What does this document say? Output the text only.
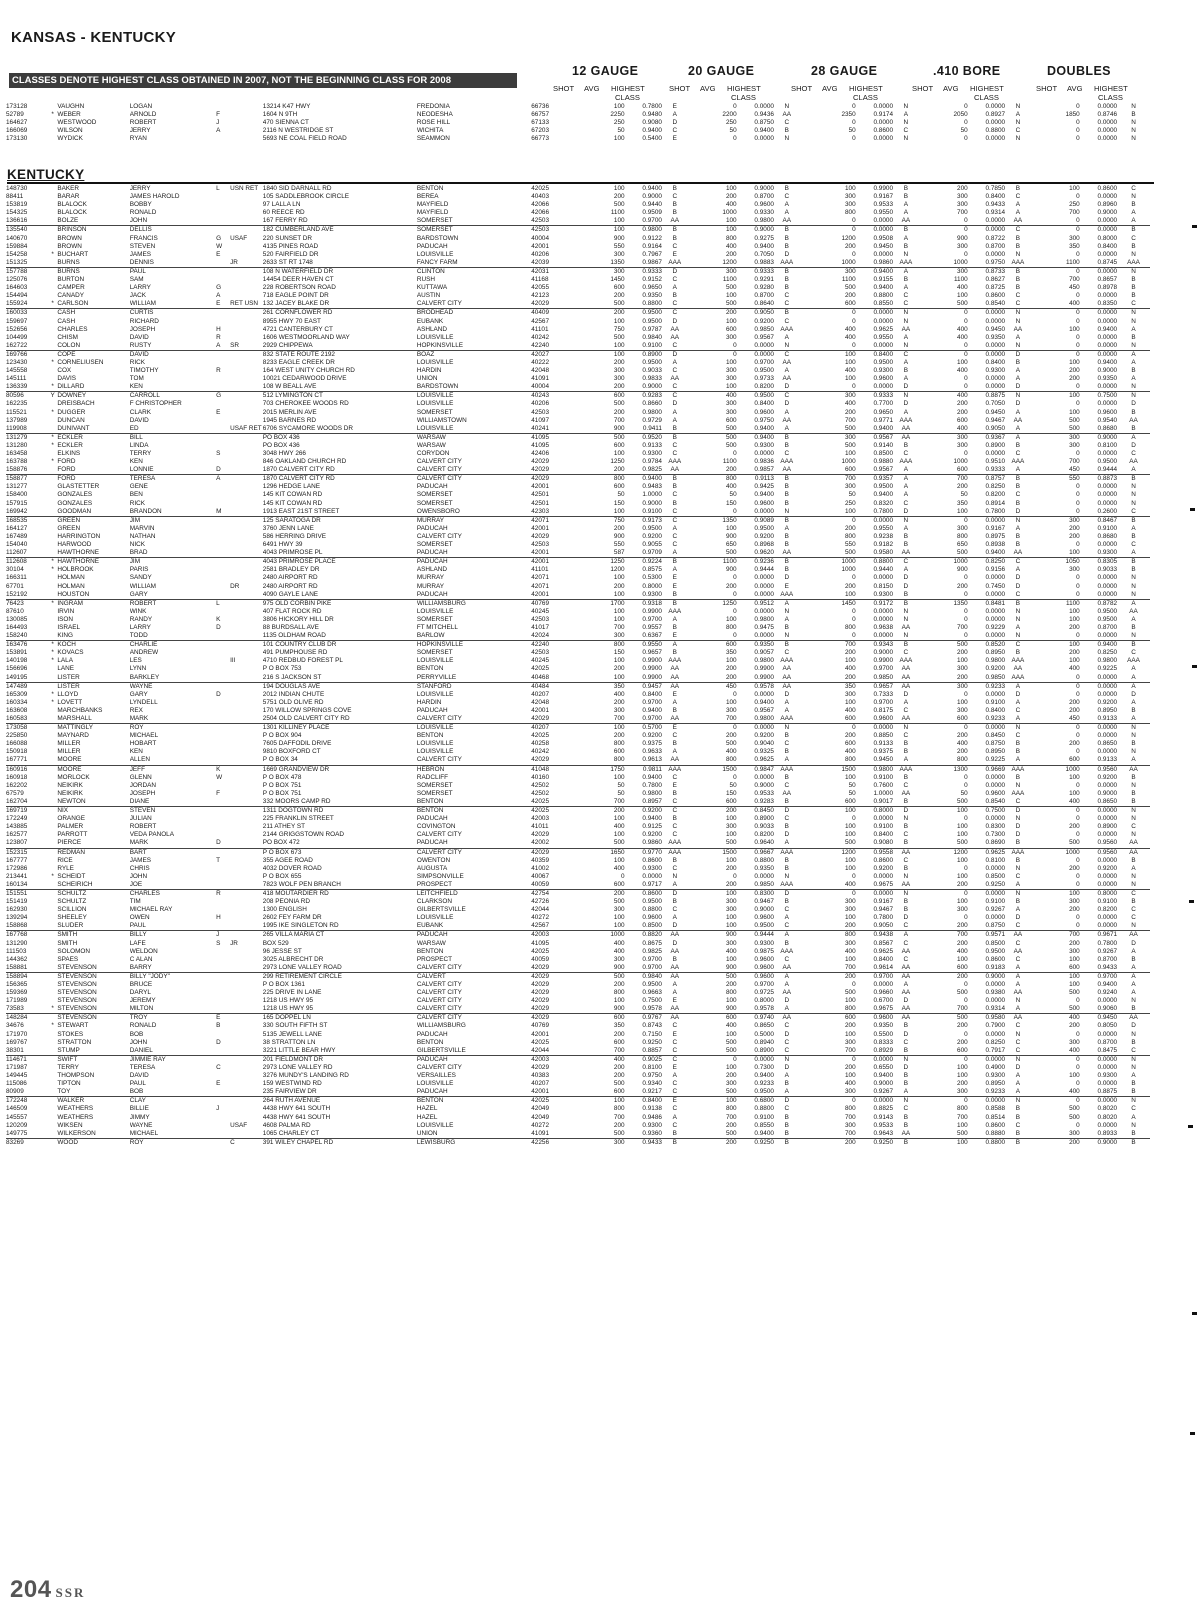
KANSAS - KENTUCKY
CLASSES DENOTE HIGHEST CLASS OBTAINED IN 2007, NOT THE BEGINNING CLASS FOR 2008
12 GAUGE	20 GAUGE	28 GAUGE	.410 BORE	DOUBLES
SHOT AVG HIGHEST
CLASS
SHOT AVG HIGHEST
CLASS
SHOT AVG HIGHEST
CLASS
SHOT AVG HIGHEST
CLASS
SHOT AVG HIGHEST
CLASS
173128		VAUGHN	LOGAN			13214 K47 HWY	FREDONIA	66736	100	0.7800	E	0	0.0000	N	0	0.0000	N	0	0.0000	N	0	0.0000	N
52789	*	WEBER	ARNOLD	F		1604 N 9TH	NEODESHA	66757	2250	0.9480	A	2200	0.9436	AA	2350	0.9174	A	2050	0.8927	A	1850	0.8746	B
164627		WESTWOOD	ROBERT	J		470 SIENNA CT	ROSE HILL	67133	250	0.9080	D	250	0.8750	C	0	0.0000	N	0	0.0000	N	0	0.0000	N
166069		WILSON	JERRY	A		2116 N WESTRIDGE ST	WICHITA	67203	50	0.9400	C	50	0.9400	B	50	0.8600	C	50	0.8800	C	0	0.0000	N
173130		WYDICK	RYAN			5693 NE COAL FIELD ROAD	SEAMMON	66773	100	0.5400	E	0	0.0000	N	0	0.0000	N	0	0.0000	N	0	0.0000	N
KENTUCKY
148730		BAKER	JERRY	L	USN RET	1840 SID DARNALL RD	BENTON	42025	100	0.9400	B	100	0.9000	B	100	0.9900	B	200	0.7850	B	100	0.8600	C
88411		BARAR	JAMES HAROLD			105 SADDLEBROOK CIRCLE	BEREA	40403	200	0.9000	C	200	0.8700	C	300	0.9167	B	300	0.8400	C	0	0.0000	N
153819		BLALOCK	BOBBY			97 LALLA LN	MAYFIELD	42066	500	0.9440	B	400	0.9600	A	300	0.9533	A	300	0.9433	A	250	0.8960	B
154325		BLALOCK	RONALD			60 REECE RD	MAYFIELD	42066	1100	0.9509	B	1000	0.9330	A	800	0.9550	A	700	0.9314	A	700	0.9000	A
136616		BOLZE	JOHN			167 FERRY RD	SOMERSET	42503	100	0.9700	AA	100	0.9800	AA	0	0.0000	AA	0	0.0000	AA	0	0.0000	A
135540		BRINSON	DELLIS			182 CUMBERLAND AVE	SOMERSET	42503	100	0.9800	B	100	0.9000	B	0	0.0000	B	0	0.0000	C	0	0.0000	B
140670		BROWN	FRANCIS	G	USAF	220 SUNSET DR	BARDSTOWN	40004	900	0.9122	B	800	0.9275	B	1200	0.9508	A	900	0.8722	B	300	0.8000	C
159884		BROWN	STEVEN	W		4135 PINES ROAD	PADUCAH	42001	550	0.9164	C	400	0.9400	B	200	0.9450	B	300	0.8700	B	350	0.8400	B
154258	*	BUCHART	JAMES	E		520 FAIRFIELD DR	LOUISVILLE	40206	300	0.7967	E	200	0.7050	D	0	0.0000	N	0	0.0000	N	0	0.0000	N
151325		BURNS	DENNIS		JR	2633 ST RT 1748	FANCY FARM	42039	1350	0.9867	AAA	1200	0.9883	AAA	1000	0.9860	AAA	1000	0.9750	AAA	1100	0.8745	AAA
157788		BURNS	PAUL			108 N WATERFIELD DR	CLINTON	42031	300	0.9333	D	300	0.9333	B	300	0.9400	A	300	0.8733	B	0	0.0000	N
125076		BURTON	SAM			14454 DEER HAVEN CT	RUSH	41168	1450	0.9152	C	1100	0.9291	B	1100	0.9155	B	1100	0.8627	B	700	0.8657	B
164603		CAMPER	LARRY	G		228 ROBERTSON ROAD	KUTTAWA	42055	600	0.9650	A	500	0.9280	B	500	0.9400	A	400	0.8725	B	450	0.8978	B
154494		CANADY	JACK	A		718 EAGLE POINT DR	AUSTIN	42123	200	0.9350	B	100	0.8700	C	200	0.8800	C	100	0.8600	C	0	0.0000	B
155924	*	CARLSON	WILLIAM	E	RET USN	132 JACEY BLAKE DR	CALVERT CITY	42029	500	0.8800	C	500	0.8640	C	600	0.8550	C	500	0.8540	C	400	0.8350	C
160033		CASH	CURTIS			261 CORNFLOWER RD	BRODHEAD	40409	200	0.9500	C	200	0.9050	B	0	0.0000	N	0	0.0000	N	0	0.0000	N
159697		CASH	RICHARD			8955 HWY 70 EAST	EUBANK	42567	100	0.9500	D	100	0.9200	C	0	0.0000	N	0	0.0000	N	0	0.0000	N
152656		CHARLES	JOSEPH	H		4721 CANTERBURY CT	ASHLAND	41101	750	0.9787	AA	600	0.9850	AAA	400	0.9625	AA	400	0.9450	AA	100	0.9400	A
104499		CHISM	DAVID	R		1606 WESTMOORLAND WAY	LOUISVILLE	40242	500	0.9840	AA	300	0.9567	A	400	0.9550	A	400	0.9350	A	0	0.0000	B
162722		COLON	RUSTY	A	SR	2929 CHIPPEWA	HOPKINSVILLE	42240	100	0.9100	C	0	0.0000	N	0	0.0000	N	0	0.0000	N	0	0.0000	N
169766		COPE	DAVID			832 STATE ROUTE 2192	BOAZ	42027	100	0.8900	D	0	0.0000	C	100	0.8400	C	0	0.0000	D	0	0.0000	A
123430	*	CORNELIUSEN	RICK			8233 EAGLE CREEK DR	LOUISVILLE	40222	200	0.9500	A	100	0.9700	AA	100	0.9500	A	100	0.8400	B	100	0.9400	A
145558		COX	TIMOTHY	R		164 WEST UNITY CHURCH RD	HARDIN	42048	300	0.9033	C	300	0.9500	A	400	0.9300	B	400	0.9300	A	200	0.9000	B
145111		DAVIS	TOM			10021 CEDARWOOD DRIVE	UNION	41091	300	0.9833	AA	300	0.9733	AA	100	0.9600	A	0	0.0000	A	200	0.9350	A
136339	*	DILLARD	KEN			108 W BEALL AVE	BARDSTOWN	40004	200	0.9000	C	100	0.8200	D	0	0.0000	D	0	0.0000	D	0	0.0000	N
80596	Y	DOWNEY	CARROLL	G		512 LYMINGTON CT	LOUISVILLE	40243	600	0.9283	C	400	0.9500	C	300	0.9333	N	400	0.8875	N	100	0.7500	N
162235		DREISBACH	F CHRISTOPHER			703 CHEROKEE WOODS RD	LOUISVILLE	40206	500	0.8660	D	300	0.8400	D	400	0.7700	D	200	0.7050	D	0	0.0000	D
115521	*	DUGGER	CLARK	E		2015 MERLIN AVE	SOMERSET	42503	200	0.9800	A	300	0.9600	A	200	0.9650	A	200	0.9450	A	100	0.9600	B
137989		DUNCAN	DAVID			1945 BARNES RD	WILLIAMSTOWN	41097	700	0.9729	A	600	0.9750	AA	700	0.9771	AAA	600	0.9467	AA	500	0.9540	AA
119908		DUNIVANT	ED		USAF RET	6706 SYCAMORE WOODS DR	LOUISVILLE	40241	900	0.9411	B	500	0.9400	A	500	0.9400	AA	400	0.9050	A	500	0.8680	B
131279	*	ECKLER	BILL			PO BOX 436	WARSAW	41095	500	0.9520	B	500	0.9400	B	300	0.9567	AA	300	0.9367	A	300	0.9000	A
131280	*	ECKLER	LINDA			PO BOX 436	WARSAW	41095	600	0.9133	C	500	0.9300	B	500	0.9140	B	300	0.8900	B	300	0.8100	D
163458		ELKINS	TERRY	S		3048 HWY 266	CORYDON	42406	100	0.9300	C	0	0.0000	C	100	0.8500	C	0	0.0000	C	0	0.0000	C
163788	*	FORD	KEN			846 OAKLAND CHURCH RD	CALVERT CITY	42029	1250	0.9784	AAA	1100	0.9836	AAA	1000	0.9880	AAA	1000	0.9510	AAA	700	0.9500	AA
158876		FORD	LONNIE	D		1870 CALVERT CITY RD	CALVERT CITY	42029	200	0.9825	AA	200	0.9857	AA	600	0.9567	A	600	0.9333	A	450	0.9444	A
158877		FORD	TERESA	A		1870 CALVERT CITY RD	CALVERT CITY	42029	800	0.9400	B	800	0.9113	B	700	0.9357	A	700	0.8757	B	550	0.8873	B
131277		GLASTETTER	GENE			1296 HEDGE LANE	PADUCAH	42001	600	0.9483	B	400	0.9425	B	300	0.9500	A	200	0.8250	B	0	0.0000	N
158400		GONZALES	BEN			145 KIT COWAN RD	SOMERSET	42501	50	1.0000	C	50	0.9400	B	50	0.9400	A	50	0.8200	C	0	0.0000	N
157915		GONZALES	RICK			145 KIT COWAN RD	SOMERSET	42501	150	0.9000	B	150	0.9600	B	250	0.8320	C	350	0.8914	B	0	0.0000	N
169942		GOODMAN	BRANDON	M		1913 EAST 21ST STREET	OWENSBORO	42303	100	0.9100	C	0	0.0000	N	100	0.7800	D	100	0.7800	D	0	0.2600	C
168535		GREEN	JIM			125 SARATOGA DR	MURRAY	42071	750	0.9173	C	1350	0.9089	B	0	0.0000	N	0	0.0000	N	300	0.8467	B
164127		GREEN	MARVIN			3760 JENN LANE	PADUCAH	42001	200	0.9500	A	100	0.9500	A	200	0.9550	A	300	0.9167	A	200	0.9100	A
167489		HARRINGTON	NATHAN			586 HERRING DRIVE	CALVERT CITY	42029	900	0.9200	C	900	0.9200	B	800	0.9238	B	800	0.8975	B	200	0.8680	B
154040		HARWOOD	NICK			6491 HWY 39	SOMERSET	42503	550	0.9055	C	650	0.8968	B	550	0.9182	B	650	0.8938	B	0	0.0000	C
112607		HAWTHORNE	BRAD			4043 PRIMROSE PL	PADUCAH	42001	587	0.9709	A	500	0.9620	AA	500	0.9580	AA	500	0.9400	AA	100	0.9300	A
112608	*	HAWTHORNE	JIM			4043 PRIMROSE PLACE	PADUCAH	42001	1250	0.9224	B	1100	0.9236	B	1000	0.8800	C	1000	0.8250	C	1050	0.8305	B
30104	*	HOLBROOK	PARIS			2581 BRADLEY DR	ASHLAND	41101	1200	0.8575	A	900	0.9444	B	1000	0.9440	A	900	0.9156	A	300	0.9033	B
166311		HOLMAN	SANDY			2480 AIRPORT RD	MURRAY	42071	100	0.5300	E	0	0.0000	D	0	0.0000	D	0	0.0000	D	0	0.0000	N
67701		HOLMAN	WILLIAM		DR	2480 AIRPORT RD	MURRAY	42071	200	0.8000	E	200	0.0000	E	200	0.8150	D	200	0.7450	D	0	0.0000	N
152192		HOUSTON	GARY			4090 GAYLE LANE	PADUCAH	42001	100	0.9300	B	0	0.0000	AAA	100	0.9300	B	0	0.0000	C	0	0.0000	N
76423	*	INGRAM	ROBERT	L		975 OLD CORBIN PIKE	WILLIAMSBURG	40769	1700	0.9318	B	1250	0.9512	A	1450	0.9172	B	1350	0.8481	B	1100	0.8782	A
87610		IRVIN	WINK			407 FLAT ROCK RD	LOUISVILLE	40245	100	0.9900	AAA	0	0.0000	N	0	0.0000	N	0	0.0000	N	100	0.9500	AA
130085		ISON	RANDY	K		3806 HICKORY HILL DR	SOMERSET	42503	100	0.9700	A	100	0.9800	A	0	0.0000	N	0	0.0000	N	100	0.9500	A
164493		ISRAEL	LARRY	D		88 BURDSALL AVE	FT MITCHELL	41017	700	0.9557	B	800	0.9475	B	800	0.9638	AA	700	0.9229	A	200	0.8700	B
158240		KING	TODD			1135 OLDHAM ROAD	BARLOW	42024	300	0.6367	E	0	0.0000	N	0	0.0000	N	0	0.0000	N	0	0.0000	N
163476	*	KOCH	CHARLIE			101 COUNTRY CLUB DR	HOPKINSVILLE	42240	800	0.9550	A	600	0.9350	B	700	0.9343	B	500	0.8520	C	100	0.9400	B
153891	*	KOVACS	ANDREW			491 PUMPHOUSE RD	SOMERSET	42503	150	0.9657	B	350	0.9057	C	200	0.9000	C	200	0.8950	B	200	0.8250	C
140198	*	LALA	LES		III	4710 REDBUD FOREST PL	LOUISVILLE	40245	100	0.9900	AAA	100	0.9800	AAA	100	0.9900	AAA	100	0.9800	AAA	100	0.9800	AAA
156696		LANE	LYNN			P O BOX 753	BENTON	42025	200	0.9900	AA	200	0.9900	AA	400	0.9700	AA	300	0.9200	AA	400	0.9225	A
149195		LISTER	BARKLEY			216 S JACKSON ST	PERRYVILLE	40468	100	0.9900	AA	200	0.9900	AA	200	0.9850	AA	200	0.9850	AAA	0	0.0000	A
147489		LISTER	WAYNE			194 DOUGLAS AVE	STANFORD	40484	350	0.9457	AA	450	0.9578	AA	350	0.9657	AA	300	0.9233	A	0	0.0000	A
165309	*	LLOYD	GARY	D		2012 INDIAN CHUTE	LOUISVILLE	40207	400	0.8400	E	0	0.0000	D	300	0.7333	D	0	0.0000	D	0	0.0000	D
160334	*	LOVETT	LYNDELL			5751 OLD OLIVE RD	HARDIN	42048	200	0.9700	A	100	0.9400	A	100	0.9700	A	100	0.9100	A	200	0.9200	A
163608		MARCHBANKS	REX			170 WILLOW SPRINGS COVE	PADUCAH	42001	300	0.9400	B	300	0.9567	A	400	0.8175	C	300	0.8400	C	200	0.8950	B
160583		MARSHALL	MARK			2504 OLD CALVERT CITY RD	CALVERT CITY	42029	700	0.9700	AA	700	0.9800	AAA	600	0.9600	AA	600	0.9233	A	450	0.9133	A
173058		MATTINGLY	ROY			1301 KILLINEY PLACE	LOUISVILLE	40207	100	0.5700	E	0	0.0000	N	0	0.0000	N	0	0.0000	N	0	0.0000	N
225850		MAYNARD	MICHAEL			P O BOX 904	BENTON	42025	200	0.9200	C	200	0.9200	B	200	0.8850	C	200	0.8450	C	0	0.0000	N
166088		MILLER	HOBART			7605 DAFFODIL DRIVE	LOUISVILLE	40258	800	0.9375	B	500	0.9040	C	600	0.9133	B	400	0.8750	B	200	0.8650	B
150918		MILLER	KEN			9810 BOXFORD CT	LOUISVILLE	40242	600	0.9633	A	400	0.9325	B	400	0.9375	B	200	0.8950	B	0	0.0000	N
167771		MOORE	ALLEN			P O BOX 34	CALVERT CITY	42029	800	0.9613	AA	800	0.9625	A	800	0.9450	A	800	0.9225	A	600	0.9133	A
160916		MOORE	JEFF	K		1669 GRANDVIEW DR	HEBRON	41048	1750	0.9811	AAA	1500	0.9847	AAA	1500	0.9800	AAA	1300	0.9669	AAA	1000	0.9560	AA
160918		MORLOCK	GLENN	W		P O BOX 478	RADCLIFF	40160	100	0.9400	C	0	0.0000	B	100	0.9100	B	0	0.0000	B	100	0.9200	B
162202		NEIKIRK	JORDAN			P O BOX 751	SOMERSET	42502	50	0.7800	E	50	0.9000	C	50	0.7600	C	0	0.0000	N	0	0.0000	N
67579		NEIKIRK	JOSEPH	F		P O BOX 751	SOMERSET	42502	50	0.9800	B	150	0.9533	AA	50	1.0000	AA	50	0.9600	AAA	100	0.9000	B
162704		NEWTON	DIANE			332 MOORS CAMP RD	BENTON	42025	700	0.8957	C	600	0.9283	B	600	0.9017	B	500	0.8540	C	400	0.8650	B
169719		NIX	STEVEN			1311 DOGTOWN RD	BENTON	42025	200	0.9200	C	200	0.8450	D	100	0.8000	D	100	0.7500	D	0	0.0000	N
172249		ORANGE	JULIAN			225 FRANKLIN STREET	PADUCAH	42003	100	0.9400	B	100	0.8900	C	0	0.0000	N	0	0.0000	N	0	0.0000	N
143885		PALMER	ROBERT			211 ATHEY ST	COVINGTON	41011	400	0.9125	C	300	0.9033	B	100	0.9100	B	100	0.8300	D	200	0.8900	C
162577		PARROTT	VEDA PANOLA			2144 GRIGGSTOWN ROAD	CALVERT CITY	42029	100	0.9200	C	100	0.8200	D	100	0.8400	C	100	0.7300	D	0	0.0000	N
123807		PIERCE	MARK	D		PO BOX 472	PADUCAH	42002	500	0.9860	AAA	500	0.9640	A	500	0.9080	B	500	0.8690	B	500	0.9560	AA
152315		REDMAN	BART			P O BOX 673	CALVERT CITY	42029	1650	0.9770	AAA	1500	0.9667	AAA	1200	0.9558	AA	1200	0.9625	AAA	1000	0.9560	AA
167777		RICE	JAMES	T		355 AGEE ROAD	OWENTON	40359	100	0.8600	B	100	0.8800	B	100	0.8600	C	100	0.8100	B	0	0.0000	B
172986		RYLE	CHRIS			4032 DOVER ROAD	AUGUSTA	41002	400	0.9300	C	200	0.9350	B	100	0.9200	B	0	0.0000	N	200	0.9200	A
213441	*	SCHEIDT	JOHN			P O BOX 655	SIMPSONVILLE	40067	0	0.0000	N	0	0.0000	N	0	0.0000	N	100	0.8500	C	0	0.0000	N
160134		SCHEIRICH	JOE			7823 WOLF PEN BRANCH	PROSPECT	40059	600	0.9717	A	200	0.9850	AAA	400	0.9675	AA	200	0.9250	A	0	0.0000	N
151551		SCHULTZ	CHARLES	R		418 MOUTARDIER RD	LEITCHFIELD	42754	200	0.8600	D	100	0.8300	D	0	0.0000	N	0	0.0000	N	100	0.8000	C
151419		SCHULTZ	TIM			208 PEONIA RD	CLARKSON	42726	500	0.9500	B	300	0.9467	B	300	0.9167	B	100	0.9100	B	300	0.9100	B
162930		SCILLION	MICHAEL RAY			1300 ENGLISH	GILBERTSVILLE	42044	300	0.8800	C	300	0.9000	C	300	0.9467	B	300	0.9267	A	200	0.8200	C
139294		SHEELEY	OWEN	H		2602 FEY FARM DR	LOUISVILLE	40272	100	0.9600	A	100	0.9600	A	100	0.7800	D	0	0.0000	D	0	0.0000	C
158868		SLUDER	PAUL			1995 IKE SINGLETON RD	EUBANK	42567	100	0.8500	D	100	0.9500	C	200	0.9050	C	200	0.8750	C	0	0.0000	N
167768		SMITH	BILLY	J		265 VILLA MARIA CT	PADUCAH	42003	1000	0.8820	AA	900	0.9444	A	800	0.9438	A	700	0.9571	AA	700	0.9671	AA
131290		SMITH	LAFE	S	JR	BOX 529	WARSAW	41095	400	0.8675	D	300	0.9300	B	300	0.8567	C	200	0.8500	C	200	0.7800	D
111503		SOLOMON	WELDON			96 JESSE ST	BENTON	42025	400	0.9825	AA	400	0.9875	AAA	400	0.9625	AA	400	0.9500	AA	300	0.9267	A
144362		SPAES	C ALAN			3025 ALBRECHT DR	PROSPECT	40059	300	0.9700	B	100	0.9600	C	100	0.8400	C	100	0.8600	C	100	0.8700	B
158881		STEVENSON	BARRY			2973 LONE VALLEY ROAD	CALVERT CITY	42029	900	0.9700	AA	900	0.9600	AA	700	0.9614	AA	600	0.9183	A	600	0.9433	A
158894		STEVENSON	BILLY "JODY"			299 RETIREMENT CIRCLE	CALVERT	42029	500	0.9840	AA	500	0.9600	A	200	0.9700	AA	200	0.9000	A	100	0.9700	A
156365		STEVENSON	BRUCE			P O BOX 1361	CALVERT CITY	42029	200	0.9500	A	200	0.9700	A	0	0.0000	A	0	0.0000	A	100	0.9400	A
159369		STEVENSON	DARYL			225 DRIVE IN LANE	CALVERT CITY	42029	800	0.9663	A	800	0.9725	AA	500	0.9660	AA	500	0.9380	AA	500	0.9240	A
171989		STEVENSON	JEREMY			1218 US HWY 95	CALVERT CITY	42029	100	0.7500	E	100	0.8000	D	100	0.6700	D	0	0.0000	N	0	0.0000	N
73583	*	STEVENSON	MILTON			1218 US HWY 95	CALVERT CITY	42029	900	0.9578	AA	900	0.9578	A	800	0.9675	AA	700	0.9314	A	500	0.9060	B
148284		STEVENSON	TROY	E		165 DOPPEL LN	CALVERT CITY	42029	600	0.9767	AA	600	0.9740	AA	600	0.9600	AA	500	0.9580	AA	400	0.9450	AA
34676	*	STEWART	RONALD	B		330 SOUTH FIFTH ST	WILLIAMSBURG	40769	350	0.8743	C	400	0.8650	C	200	0.9350	B	200	0.7900	C	200	0.8050	D
171970		STOKES	BOB			5135 JEWELL LANE	PADUCAH	42001	200	0.7150	E	100	0.5000	D	100	0.5500	D	0	0.0000	N	0	0.0000	N
169767		STRATTON	JOHN	D		38 STRATTON LN	BENTON	42025	600	0.9250	C	500	0.8940	C	300	0.8333	C	200	0.8250	C	300	0.8700	B
38301		STUMP	DANIEL			3221 LITTLE BEAR HWY	GILBERTSVILLE	42044	700	0.8857	C	500	0.8900	C	700	0.8929	B	600	0.7917	C	400	0.8475	C
114671		SWIFT	JIMMIE RAY			201 FIELDMONT DR	PADUCAH	42003	400	0.9025	C	0	0.0000	N	0	0.0000	N	0	0.0000	N	0	0.0000	N
171987		TERRY	TERESA	C		2973 LONE VALLEY RD	CALVERT CITY	42029	200	0.8100	E	100	0.7300	D	200	0.6550	D	100	0.4900	D	0	0.0000	N
149445		THOMPSON	DAVID			3276 MUNDY'S LANDING RD	VERSAILLES	40383	200	0.9750	A	200	0.9400	A	100	0.9400	B	100	0.9300	A	100	0.9300	A
115086		TIPTON	PAUL	E		159 WESTWIND RD	LOUISVILLE	40207	500	0.9340	C	300	0.9233	B	400	0.9000	B	200	0.8950	A	0	0.0000	B
80909		TOY	BOB			235 FAIRVIEW DR	PADUCAH	42001	600	0.9217	C	500	0.9500	A	300	0.9267	A	300	0.9233	A	400	0.8875	B
172248		WALKER	CLAY			264 RUTH AVENUE	BENTON	42025	100	0.8400	E	100	0.6800	D	0	0.0000	N	0	0.0000	N	0	0.0000	N
146509		WEATHERS	BILLIE	J		4438 HWY 641 SOUTH	HAZEL	42049	800	0.9138	C	800	0.8800	C	800	0.8825	C	800	0.8588	B	500	0.8020	C
145557		WEATHERS	JIMMY			4438 HWY 641 SOUTH	HAZEL	42049	700	0.9486	A	700	0.9100	B	700	0.9143	B	700	0.8514	B	500	0.8020	A
120209		WIKSEN	WAYNE		USAF	4608 PALMA RD	LOUISVILLE	40272	200	0.9300	C	200	0.8550	B	300	0.9533	B	100	0.8600	C	0	0.0000	N
149775		WILKERSON	MICHAEL			1065 CHARLEY CT	UNION	41091	500	0.9360	B	500	0.9400	B	700	0.9643	AA	500	0.8880	B	300	0.8933	B
83269		WOOD	ROY		C	391 WILEY CHAPEL RD	LEWISBURG	42256	300	0.9433	B	200	0.9250	B	200	0.9250	B	100	0.8800	B	200	0.9000	B
204 SSR
